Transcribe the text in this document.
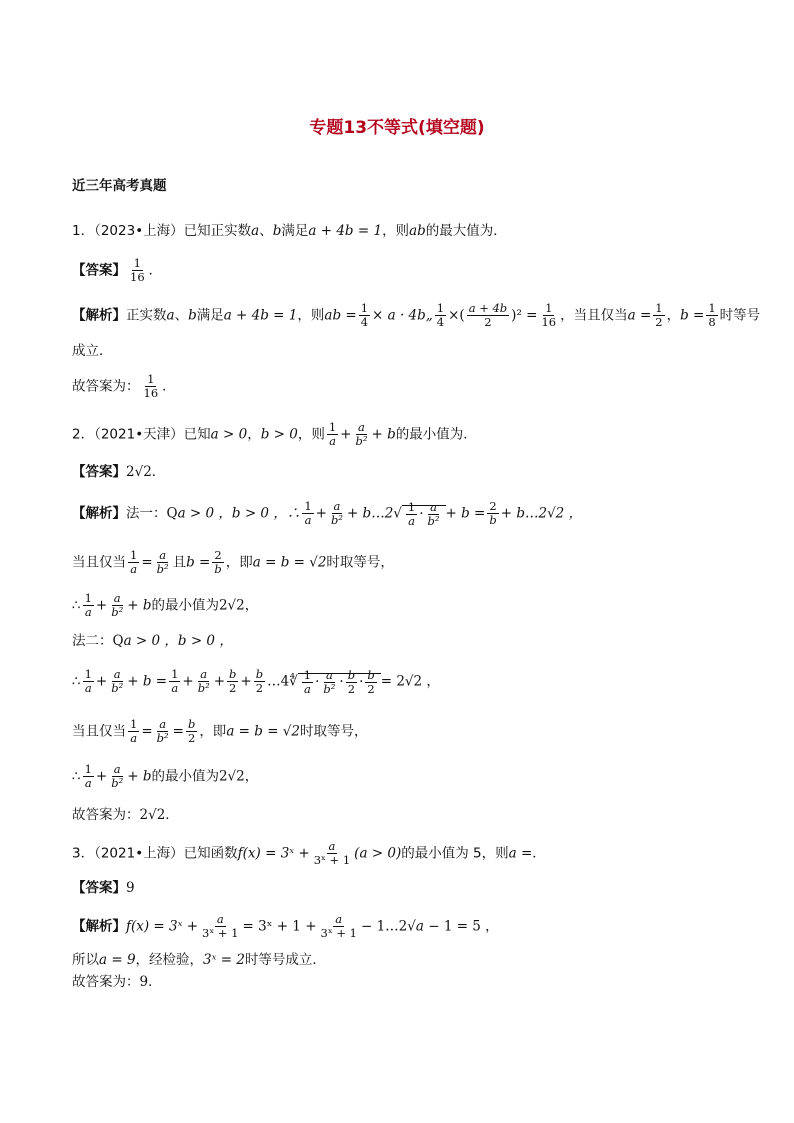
专题13不等式(填空题)
近三年高考真题
1．（2023•上海）已知正实数a、b满足a + 4b = 1，则ab的最大值为．
【答案】 $\frac{1}{16}$ ．
【解析】正实数a、b满足a + 4b = 1，则ab = $\frac{1}{4} \times a$ · 4b„ $\frac{1}{4}$ ×( $\frac{a + 4b}{2} )^2 = \frac{1}{16}$ ，当且仅当$a = \frac{1}{2}$ ，$b = \frac{1}{8}$ 时等号
成立．
故答案为： $\frac{1}{16}$ ．
2．（2021•天津）已知a > 0，b > 0，则 $\frac{1}{a} + \frac{a}{\text{b²}} + b$的最小值为．
【答案】2√2．
【解析】法一：Qa > 0 ，b > 0 ，∴ $\frac{1}{a} + \frac{a}{\text{b²}}$ + b…2√ $\frac{1}{a} \cdot \frac{a}{\text{b²}} + b = \frac{2}{b}$ + b…2√2 ，
当且仅当 $\frac{1}{a} = \frac{a}{\text{b²}}$ 且$b = \frac{2}{b}$ ，即a = b = √2时取等号，
∴ $\frac{1}{a} + \frac{a}{\text{b²}} + b$的最小值为2√2，
法二：Qa > 0 ，b > 0 ，
∴ $\frac{1}{a} + \frac{a}{\text{b²}} + b = \frac{1}{a} + \frac{a}{\text{b²}} + \frac{b}{2} + \frac{b}{2}$ …4∜ $\frac{1}{a} \cdot \frac{a}{\text{b²}} \cdot \frac{b}{2} \cdot \frac{b}{2} = 2√2$ ，
当且仅当 $\frac{1}{a} = \frac{a}{\text{b²}} = \frac{b}{2}$ ，即a = b = √2时取等号，
∴ $\frac{1}{a} + \frac{a}{\text{b²}} + b$的最小值为2√2，
故答案为：2√2．
3．（2021•上海）已知函数f(x) = 3ˣ + $\frac{a}{\text{3ˣ + 1}} (a > 0)$的最小值为 5，则a =．
【答案】9
【解析】f(x) = 3ˣ + $\frac{a}{\text{3ˣ + 1}}$ = 3ˣ + $1 + \frac{a}{\text{3ˣ + 1}}$ − 1…2√a − 1 = 5 ，
所以a = 9，经检验，3ˣ = 2时等号成立．
故答案为：9．
